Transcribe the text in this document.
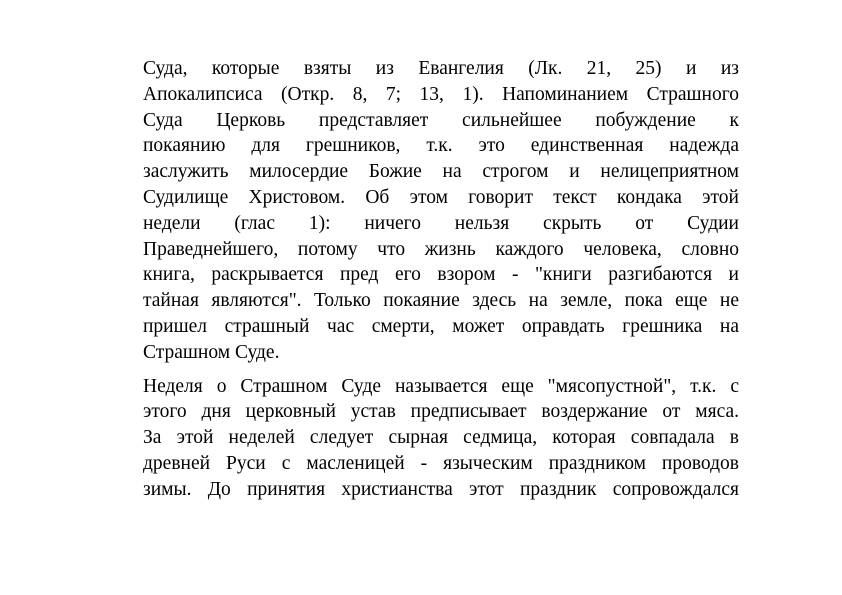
Суда, которые взяты из Евангелия (Лк. 21, 25) и из
Апокалипсиса (Откр. 8, 7; 13, 1). Напоминанием Страшного
Суда Церковь представляет сильнейшее побуждение к
покаянию для грешников, т.к. это единственная надежда
заслужить милосердие Божие на строгом и нелицеприятном
Судилище Христовом. Об этом говорит текст кондака этой
недели (глас 1): ничего нельзя скрыть от Судии
Праведнейшего, потому что жизнь каждого человека, словно
книга, раскрывается пред его взором - "книги разгибаются и
тайная являются". Только покаяние здесь на земле, пока еще не
пришел страшный час смерти, может оправдать грешника на
Страшном Суде.
Неделя о Страшном Суде называется еще "мясопустной", т.к. с
этого дня церковный устав предписывает воздержание от мяса.
За этой неделей следует сырная седмица, которая совпадала в
древней Руси с масленицей - языческим праздником проводов
зимы. До принятия христианства этот праздник сопровождался
